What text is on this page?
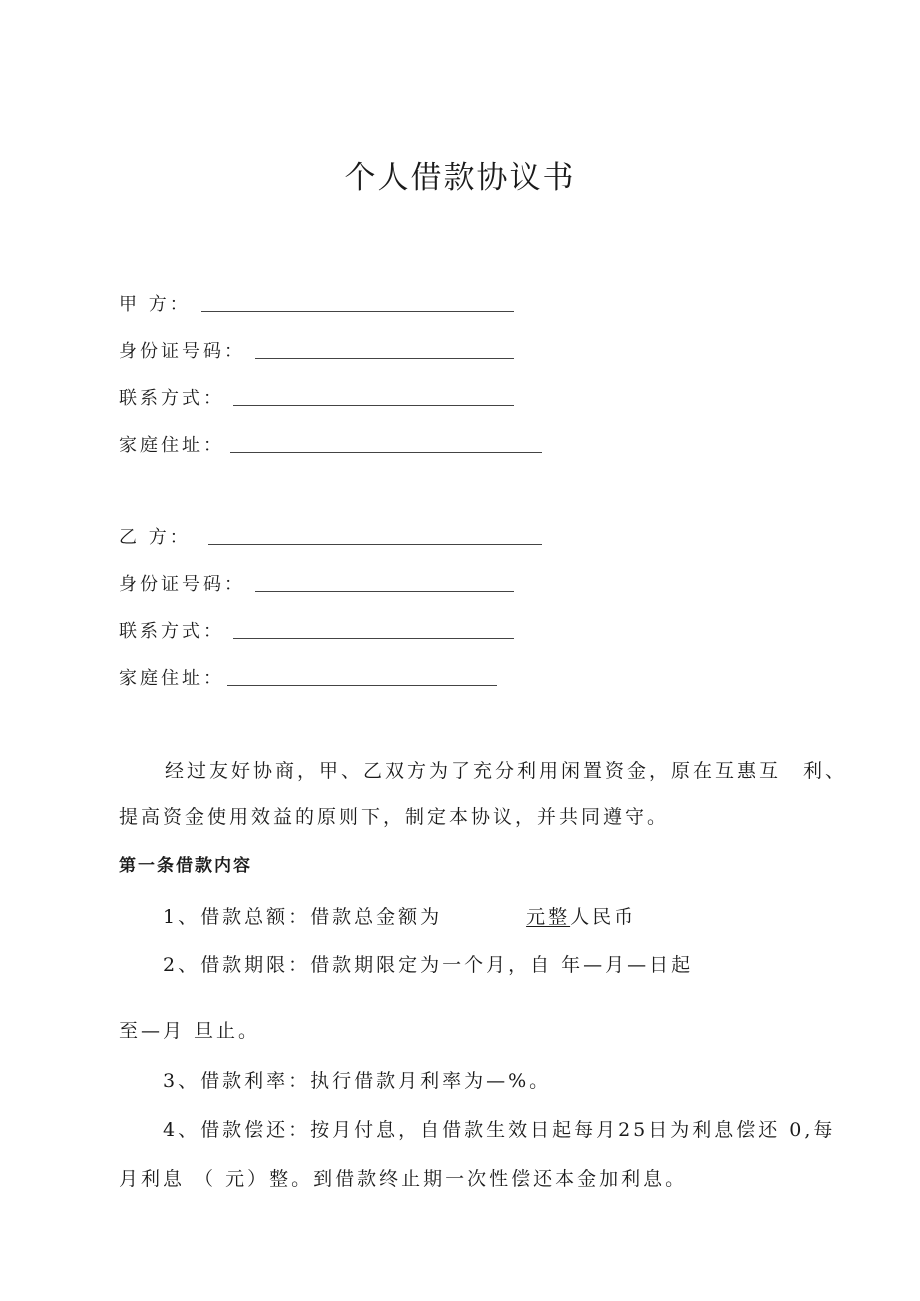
个人借款协议书
甲 方：
身份证号码：
联系方式：
家庭住址：
乙 方：
身份证号码：
联系方式：
家庭住址：
经过友好协商，甲、乙双方为了充分利用闲置资金，原在互惠互　利、
提高资金使用效益的原则下，制定本协议，并共同遵守。
第一条借款内容
1、借款总额：借款总金额为	元整人民币
2、借款期限：借款期限定为一个月，自 年—月—日起
至—月 旦止。
3、借款利率：执行借款月利率为—%。
4、借款偿还：按月付息，自借款生效日起每月25日为利息偿还 0,每
月利息 （ 元）整。到借款终止期一次性偿还本金加利息。
